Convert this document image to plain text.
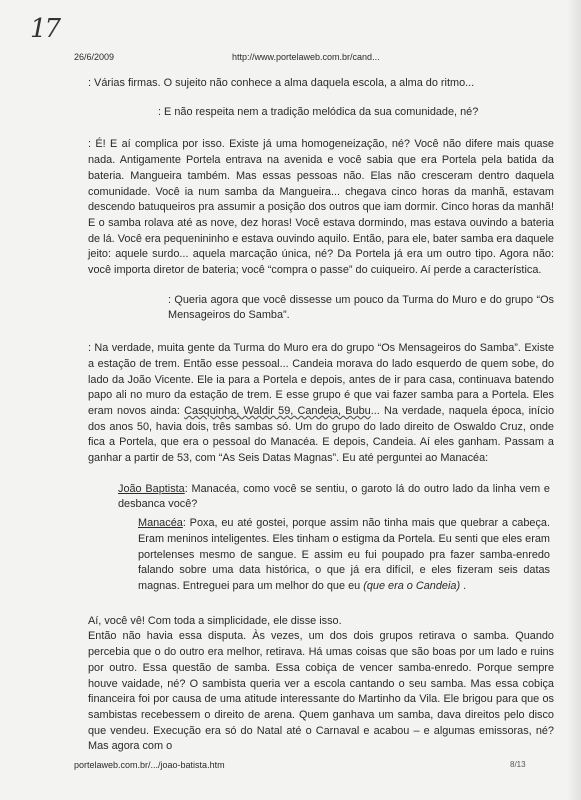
17
26/6/2009	http://www.portelaweb.com.br/cand...

: Várias firmas. O sujeito não conhece a alma daquela escola, a alma do ritmo...

: E não respeita nem a tradição melódica da sua comunidade, né?

: É! E aí complica por isso. Existe já uma homogeneização, né? Você não difere mais quase nada. Antigamente Portela entrava na avenida e você sabia que era Portela pela batida da bateria. Mangueira também. Mas essas pessoas não. Elas não cresceram dentro daquela comunidade. Você ia num samba da Mangueira... chegava cinco horas da manhã, estavam descendo batuqueiros pra assumir a posição dos outros que iam dormir. Cinco horas da manhã! E o samba rolava até as nove, dez horas! Você estava dormindo, mas estava ouvindo a bateria de lá. Você era pequenininho e estava ouvindo aquilo. Então, para ele, bater samba era daquele jeito: aquele surdo... aquela marcação única, né? Da Portela já era um outro tipo. Agora não: você importa diretor de bateria; você “compra o passe” do cuiqueiro. Aí perde a característica.

: Queria agora que você dissesse um pouco da Turma do Muro e do grupo “Os Mensageiros do Samba”.

: Na verdade, muita gente da Turma do Muro era do grupo “Os Mensageiros do Samba”. Existe a estação de trem. Então esse pessoal... Candeia morava do lado esquerdo de quem sobe, do lado da João Vicente. Ele ia para a Portela e depois, antes de ir para casa, continuava batendo papo ali no muro da estação de trem. E esse grupo é que vai fazer samba para a Portela. Eles eram novos ainda: Casquinha, Waldir 59, Candeia, Bubu... Na verdade, naquela época, início dos anos 50, havia dois, três sambas só. Um do grupo do lado direito de Oswaldo Cruz, onde fica a Portela, que era o pessoal do Manacéa. E depois, Candeia. Aí eles ganham. Passam a ganhar a partir de 53, com “As Seis Datas Magnas”. Eu até perguntei ao Manacéa:

João Baptista: Manacéa, como você se sentiu, o garoto lá do outro lado da linha vem e desbanca você?

Manacéa: Poxa, eu até gostei, porque assim não tinha mais que quebrar a cabeça. Eram meninos inteligentes. Eles tinham o estigma da Portela. Eu senti que eles eram portelenses mesmo de sangue. E assim eu fui poupado pra fazer samba-enredo falando sobre uma data histórica, o que já era difícil, e eles fizeram seis datas magnas. Entreguei para um melhor do que eu (que era o Candeia) .

Aí, você vê! Com toda a simplicidade, ele disse isso.

Então não havia essa disputa. Às vezes, um dos dois grupos retirava o samba. Quando percebia que o do outro era melhor, retirava. Há umas coisas que são boas por um lado e ruins por outro. Essa questão de samba. Essa cobiça de vencer samba-enredo. Porque sempre houve vaidade, né? O sambista queria ver a escola cantando o seu samba. Mas essa cobiça financeira foi por causa de uma atitude interessante do Martinho da Vila. Ele brigou para que os sambistas recebessem o direito de arena. Quem ganhava um samba, dava direitos pelo disco que vendeu. Execução era só do Natal até o Carnaval e acabou – e algumas emissoras, né? Mas agora com o

portelaweb.com.br/.../joao-batista.htm	8/13
